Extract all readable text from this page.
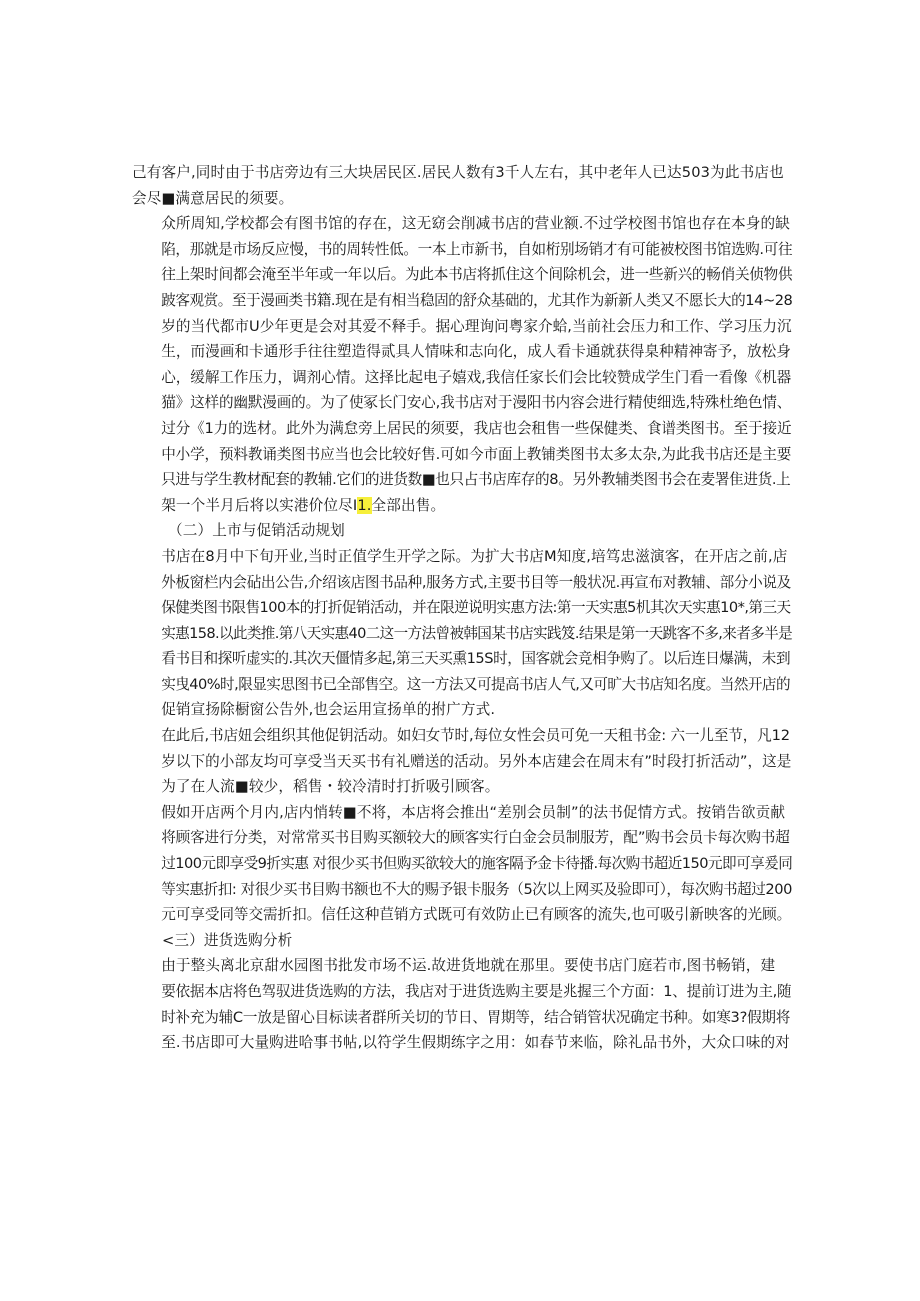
己有客户,同时由于书店旁边有三大块居民区.居民人数有3千人左右，其中老年人已达503为此书店也
会尽■满意居民的须要。

众所周知,学校都会有图书馆的存在，这无窈会削减书店的营业额.不过学校图书馆也存在本身的缺
陷，那就是市场反应慢，书的周转性低。一本上市新书，自如桁别场销才有可能被校图书馆选购.可往
往上架时间都会淹至半年或一年以后。为此本书店将抓住这个间除机会，进一些新兴的畅俏关侦物供
跛客观赏。至于漫画类书籍.现在是有相当稳固的舒众基础的，尤其作为新新人类又不愿长大的14~28
岁的当代都市U少年更是会对其爱不释手。据心理询问粤家介蛤,当前社会压力和工作、学习压力沉
生，而漫画和卡通形手往往塑造得贰具人情味和志向化，成人看卡通就获得臬种精神寄予，放松身
心，缓解工作压力，调剂心情。这择比起电子嬉戏,我信任家长们会比较赞成学生门看一看像《机器
猫》这样的幽默漫画的。为了使冢长门安心,我书店对于漫阳书内容会进行精使细选,特殊杜绝色情、
过分《1力的选材。此外为满怠旁上居民的须要，我店也会租售一些保健类、食谱类图书。至于接近
中小学，预料教诵类图书应当也会比较好售.可如今市面上教铺类图书太多太杂,为此我书店还是主要
只进与学生教材配套的教辅.它们的进货数■也只占书店库存的8。另外教辅类图书会在麦署隹进货.上
架一个半月后将以实港价位尽I1.全部出售。

（二）上市与促销活动规划

书店在8月中下旬开业,当时正值学生开学之际。为扩大书店M知度,培笃忠滋演客，在开店之前,店
外板窗栏内会砧出公告,介绍该店图书品种,服务方式,主要书目等一般状况.再宣布对教辅、部分小说及
保健类图书限售100本的打折促销活动，并在限逆说明实惠方法:第一天实惠5机其次天实惠10*,第三天
实惠158.以此类推.第八天实惠40二这一方法曾被韩国某书店实践笈.结果是第一天跳客不多,来者多半是
看书目和探听虚实的.其次天僵情多起,第三天买熏15S时，国客就会竞相争购了。以后连日爆满，未到
实曳40%时,限显实思图书已全部售空。这一方法又可提高书店人气,又可旷大书店知名度。当然开店的
促销宣扬除橱窗公告外,也会运用宣扬单的拊广方式.

在此后,书店妞会组织其他促钥活动。如妇女节时,每位女性会员可免一天租书金: 六一儿至节，凡12
岁以下的小部友均可享受当天买书有礼赠送的活动。另外本店建会在周末有”时段打折活动”，这是
为了在人流■较少，稻售・较冷清时打折吸引顾客。

假如开店两个月内,店内悄转■不将，本店将会推出“差别会员制”的法书促情方式。按销告欲贡献
将顾客进行分类，对常常买书目购买额较大的顾客实行白金会员制服芳，配”购书会员卡每次购书超
过100元即享受9折实惠 对很少买书但购买欲较大的施客隔予金卡待播.每次购书超近150元即可享爰同
等实惠折扣: 对很少买书目购书额也不大的赐予银卡服务（5次以上网买及验即可），每次购书超过200
元可享受同等交需折扣。信任这种苣销方式既可有效防止已有顾客的流失,也可吸引新映客的光顾。

<三）进货选购分析

由于整头离北京甜水园图书批发市场不运.故进货地就在那里。要使书店门庭若市,图书畅销，建
要依据本店将色驾驭进货选购的方法，我店对于进货选购主要是兆握三个方面：1、提前订进为主,随
时补充为辅C一放是留心目标读者群所关切的节日、胃期等，结合销管状况确定书种。如寒3?假期将
至.书店即可大量购进哈事书帖,以符学生假期练字之用：如春节来临，除礼品书外，大众口味的对
